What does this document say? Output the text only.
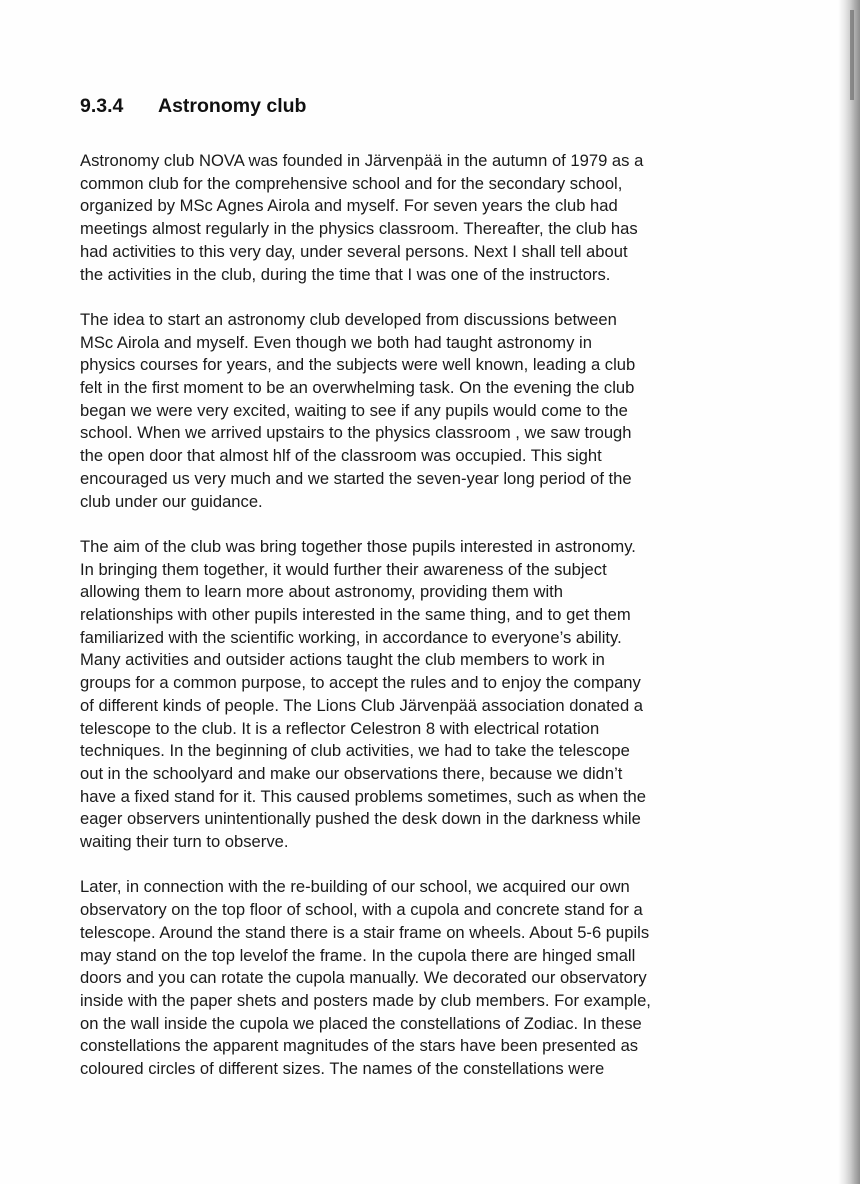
9.3.4 Astronomy club
Astronomy club NOVA was founded in Järvenpää in the autumn of 1979 as a
common club for the comprehensive school and for the secondary school,
organized by MSc Agnes Airola and myself. For seven years the club had
meetings almost regularly in the physics classroom. Thereafter, the club has
had activities to this very day, under several persons. Next I shall tell about
the activities in the club, during the time that I was one of the instructors.
The idea to start an astronomy club developed from discussions between
MSc Airola and myself. Even though we both had taught astronomy in
physics courses for years, and the subjects were well known, leading a club
felt in the first moment to be an overwhelming task. On the evening the club
began we were very excited, waiting to see if any pupils would come to the
school. When we arrived upstairs to the physics classroom , we saw trough
the open door that almost hlf of the classroom was occupied. This sight
encouraged us very much and we started the seven-year long period of the
club under our guidance.
The aim of the club was bring together those pupils interested in astronomy.
In bringing them together, it would further their awareness of the subject
allowing them to learn more about astronomy, providing them with
relationships with other pupils interested in the same thing, and to get them
familiarized with the scientific working, in accordance to everyone’s ability.
Many activities and outsider actions taught the club members to work in
groups for a common purpose, to accept the rules and to enjoy the company
of different kinds of people. The Lions Club Järvenpää association donated a
telescope to the club. It is a reflector Celestron 8 with electrical rotation
techniques. In the beginning of club activities, we had to take the telescope
out in the schoolyard and make our observations there, because we didn’t
have a fixed stand for it. This caused problems sometimes, such as when the
eager observers unintentionally pushed the desk down in the darkness while
waiting their turn to observe.
Later, in connection with the re-building of our school, we acquired our own
observatory on the top floor of school, with a cupola and concrete stand for a
telescope. Around the stand there is a stair frame on wheels. About 5-6 pupils
may stand on the top levelof the frame. In the cupola there are hinged small
doors and you can rotate the cupola manually. We decorated our observatory
inside with the paper shets and posters made by club members. For example,
on the wall inside the cupola we placed the constellations of Zodiac. In these
constellations the apparent magnitudes of the stars have been presented as
coloured circles of different sizes. The names of the constellations were
